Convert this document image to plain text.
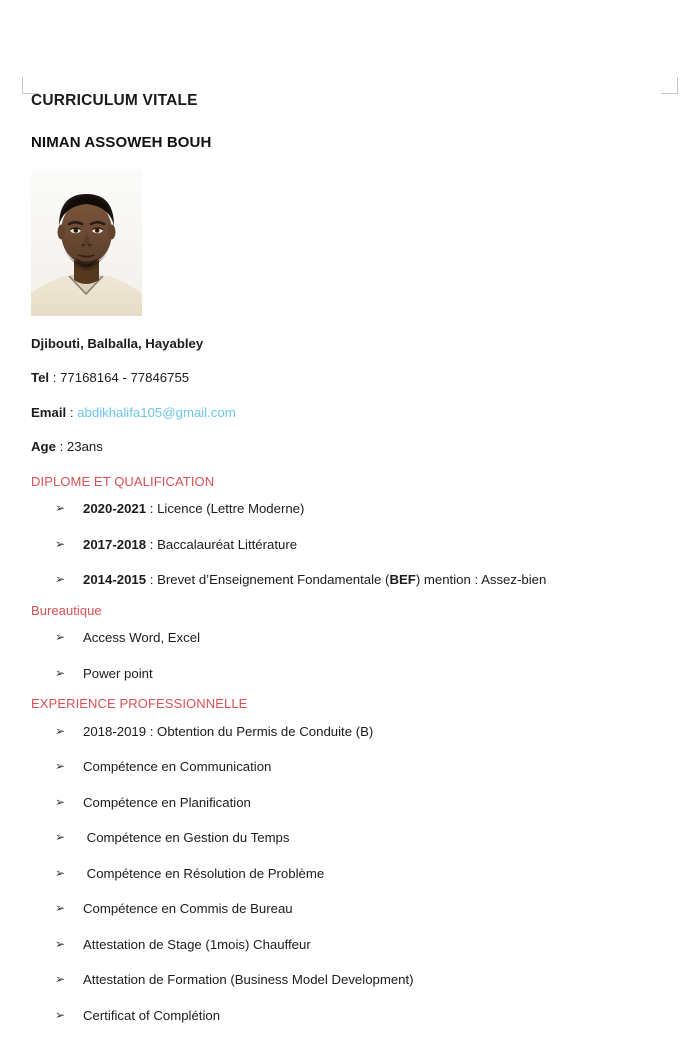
CURRICULUM VITALE
NIMAN ASSOWEH BOUH
Djibouti, Balballa, Hayabley
Tel : 77168164 - 77846755
Email : abdikhalifa105@gmail.com
Age : 23ans
DIPLOME ET QUALIFICATION
➢ 2020-2021 : Licence (Lettre Moderne)
➢ 2017-2018 : Baccalauréat Littérature
➢ 2014-2015 : Brevet d’Enseignement Fondamentale (BEF) mention : Assez-bien
Bureautique
➢ Access Word, Excel
➢ Power point
EXPERIENCE PROFESSIONNELLE
➢ 2018-2019 : Obtention du Permis de Conduite (B)
➢ Compétence en Communication
➢ Compétence en Planification
➢ Compétence en Gestion du Temps
➢ Compétence en Résolution de Problème
➢ Compétence en Commis de Bureau
➢ Attestation de Stage (1mois) Chauffeur
➢ Attestation de Formation (Business Model Development)
➢ Certificat of Complétion
